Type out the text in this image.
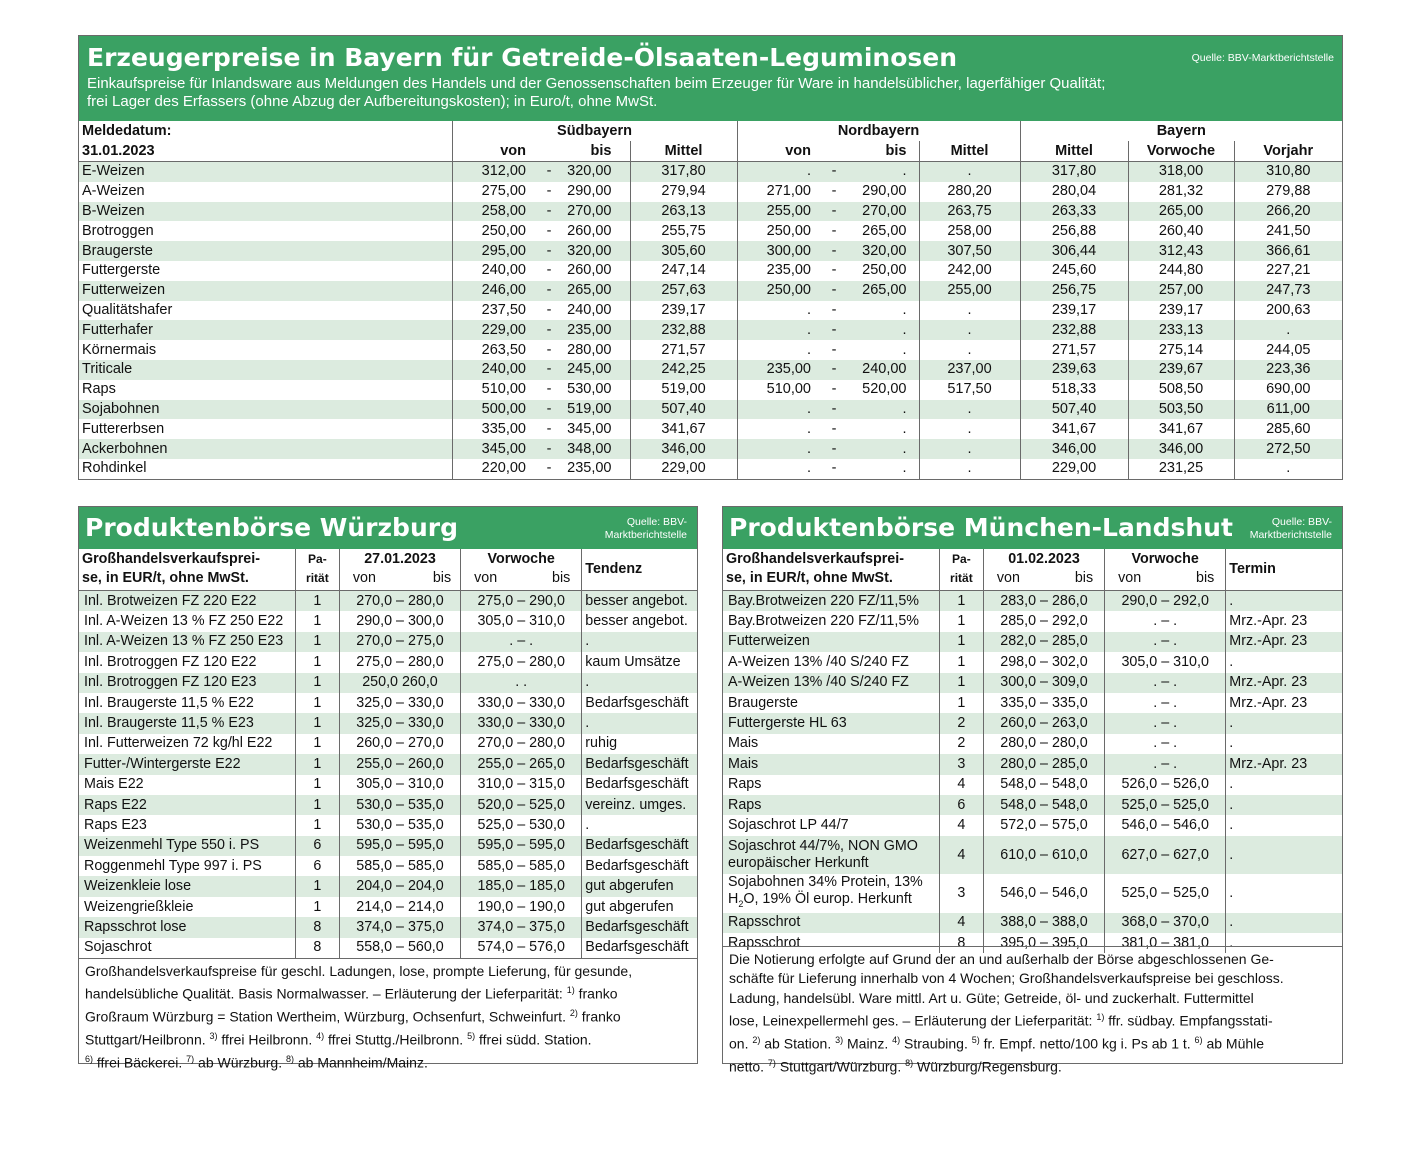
Erzeugerpreise in Bayern für Getreide-Ölsaaten-Leguminosen	Quelle: BBV-Marktberichtstelle
Einkaufspreise für Inlandsware aus Meldungen des Handels und der Genossenschaften beim Erzeuger für Ware in handelsüblicher, lagerfähiger Qualität;
frei Lager des Erfassers (ohne Abzug der Aufbereitungskosten); in Euro/t, ohne MwSt.
Meldedatum:	Südbayern				Nordbayern				Bayern		
31.01.2023	von		bis	Mittel	von		bis	Mittel	Mittel	Vorwoche	Vorjahr
E-Weizen	312,00	-	320,00	317,80	.	-	.	.	317,80	318,00	310,80
A-Weizen	275,00	-	290,00	279,94	271,00	-	290,00	280,20	280,04	281,32	279,88
B-Weizen	258,00	-	270,00	263,13	255,00	-	270,00	263,75	263,33	265,00	266,20
Brotroggen	250,00	-	260,00	255,75	250,00	-	265,00	258,00	256,88	260,40	241,50
Braugerste	295,00	-	320,00	305,60	300,00	-	320,00	307,50	306,44	312,43	366,61
Futtergerste	240,00	-	260,00	247,14	235,00	-	250,00	242,00	245,60	244,80	227,21
Futterweizen	246,00	-	265,00	257,63	250,00	-	265,00	255,00	256,75	257,00	247,73
Qualitätshafer	237,50	-	240,00	239,17	.	-	.	.	239,17	239,17	200,63
Futterhafer	229,00	-	235,00	232,88	.	-	.	.	232,88	233,13	.
Körnermais	263,50	-	280,00	271,57	.	-	.	.	271,57	275,14	244,05
Triticale	240,00	-	245,00	242,25	235,00	-	240,00	237,00	239,63	239,67	223,36
Raps	510,00	-	530,00	519,00	510,00	-	520,00	517,50	518,33	508,50	690,00
Sojabohnen	500,00	-	519,00	507,40	.	-	.	.	507,40	503,50	611,00
Futtererbsen	335,00	-	345,00	341,67	.	-	.	.	341,67	341,67	285,60
Ackerbohnen	345,00	-	348,00	346,00	.	-	.	.	346,00	346,00	272,50
Rohdinkel	220,00	-	235,00	229,00	.	-	.	.	229,00	231,25	.
Produktenbörse Würzburg	Quelle: BBV-
Marktberichtstelle
Großhandelsverkaufsprei-	Pa-	27.01.2023	Vorwoche	Tendenz
se, in EUR/t, ohne MwSt.	rität	von bis	von bis	

Inl. Brotweizen FZ 220 E22	1	270,0 – 280,0	275,0 – 290,0	besser angebot.
Inl. A-Weizen 13 % FZ 250 E22	1	290,0 – 300,0	305,0 – 310,0	besser angebot.
Inl. A-Weizen 13 % FZ 250 E23	1	270,0 – 275,0	. – .	.
Inl. Brotroggen FZ 120 E22	1	275,0 – 280,0	275,0 – 280,0	kaum Umsätze
Inl. Brotroggen FZ 120 E23	1	250,0 260,0	. .	.
Inl. Braugerste 11,5 % E22	1	325,0 – 330,0	330,0 – 330,0	Bedarfsgeschäft
Inl. Braugerste 11,5 % E23	1	325,0 – 330,0	330,0 – 330,0	.
Inl. Futterweizen 72 kg/hl E22	1	260,0 – 270,0	270,0 – 280,0	ruhig
Futter-/Wintergerste E22	1	255,0 – 260,0	255,0 – 265,0	Bedarfsgeschäft
Mais E22	1	305,0 – 310,0	310,0 – 315,0	Bedarfsgeschäft
Raps E22	1	530,0 – 535,0	520,0 – 525,0	vereinz. umges.
Raps E23	1	530,0 – 535,0	525,0 – 530,0	.
Weizenmehl Type 550 i. PS	6	595,0 – 595,0	595,0 – 595,0	Bedarfsgeschäft
Roggenmehl Type 997 i. PS	6	585,0 – 585,0	585,0 – 585,0	Bedarfsgeschäft
Weizenkleie lose	1	204,0 – 204,0	185,0 – 185,0	gut abgerufen
Weizengrießkleie	1	214,0 – 214,0	190,0 – 190,0	gut abgerufen
Rapsschrot lose	8	374,0 – 375,0	374,0 – 375,0	Bedarfsgeschäft
Sojaschrot	8	558,0 – 560,0	574,0 – 576,0	Bedarfsgeschäft
Großhandelsverkaufspreise für geschl. Ladungen, lose, prompte Lieferung, für gesunde,
handelsübliche Qualität. Basis Normalwasser. – Erläuterung der Lieferparität: $^{1)}$ franko
Großraum Würzburg = Station Wertheim, Würzburg, Ochsenfurt, Schweinfurt. $^{2)}$ franko
Stuttgart/Heilbronn. $^{3)}$ ffrei Heilbronn. $^{4)}$ ffrei Stuttg./Heilbronn. $^{5)}$ ffrei südd. Station.
$^{6)}$ ffrei Bäckerei. $^{7)}$ ab Würzburg. $^{8)}$ ab Mannheim/Mainz.
Produktenbörse München-Landshut	Quelle: BBV-
Marktberichtstelle
Großhandelsverkaufsprei-	Pa-	01.02.2023	Vorwoche	Termin
se, in EUR/t, ohne MwSt.	rität	von bis	von bis	

Bay.Brotweizen 220 FZ/11,5%	1	283,0 – 286,0	290,0 – 292,0	.
Bay.Brotweizen 220 FZ/11,5%	1	285,0 – 292,0	. – .	Mrz.-Apr. 23
Futterweizen	1	282,0 – 285,0	. – .	Mrz.-Apr. 23
A-Weizen 13% /40 S/240 FZ	1	298,0 – 302,0	305,0 – 310,0	.
A-Weizen 13% /40 S/240 FZ	1	300,0 – 309,0	. – .	Mrz.-Apr. 23
Braugerste	1	335,0 – 335,0	. – .	Mrz.-Apr. 23
Futtergerste HL 63	2	260,0 – 263,0	. – .	.
Mais	2	280,0 – 280,0	. – .	.
Mais	3	280,0 – 285,0	. – .	Mrz.-Apr. 23
Raps	4	548,0 – 548,0	526,0 – 526,0	.
Raps	6	548,0 – 548,0	525,0 – 525,0	.
Sojaschrot LP 44/7	4	572,0 – 575,0	546,0 – 546,0	.

Sojaschrot 44/7%, NON GMO
europäischer Herkunft	4	610,0 – 610,0	627,0 – 627,0	.

Sojabohnen 34% Protein, 13%
$H_2O$, 19% Öl europ. Herkunft	3	546,0 – 546,0	525,0 – 525,0	.
Rapsschrot	4	388,0 – 388,0	368,0 – 370,0	.
Rapsschrot	8	395,0 – 395,0	381,0 – 381,0	.
Die Notierung erfolgte auf Grund der an und außerhalb der Börse abgeschlossenen Ge-
schäfte für Lieferung innerhalb von 4 Wochen; Großhandelsverkaufspreise bei geschloss.
Ladung, handelsübl. Ware mittl. Art u. Güte; Getreide, öl- und zuckerhalt. Futtermittel
lose, Leinexpellermehl ges. – Erläuterung der Lieferparität: $^{1)}$ ffr. südbay. Empfangsstati-
on. $^{2)}$ ab Station. $^{3)}$ Mainz. $^{4)}$ Straubing. $^{5)}$ fr. Empf. netto/100 kg i. Ps ab 1 t. $^{6)}$ ab Mühle
netto. $^{7)}$ Stuttgart/Würzburg. $^{8)}$ Würzburg/Regensburg.
